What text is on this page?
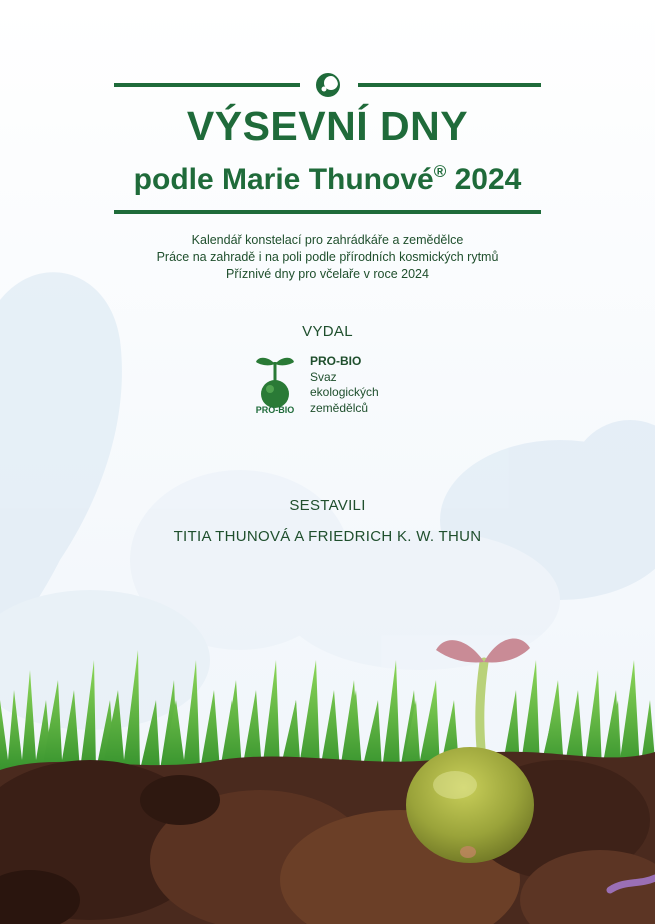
VÝSEVNÍ DNY
podle Marie Thunové® 2024
Kalendář konstelací pro zahrádkáře a zemědělce
Práce na zahradě i na poli podle přírodních kosmických rytmů
Příznivé dny pro včelaře v roce 2024
VYDAL
PRO-BIO
PRO-BIO
Svaz
ekologických
zemědělců
SESTAVILI
TITIA THUNOVÁ A FRIEDRICH K. W. THUN
